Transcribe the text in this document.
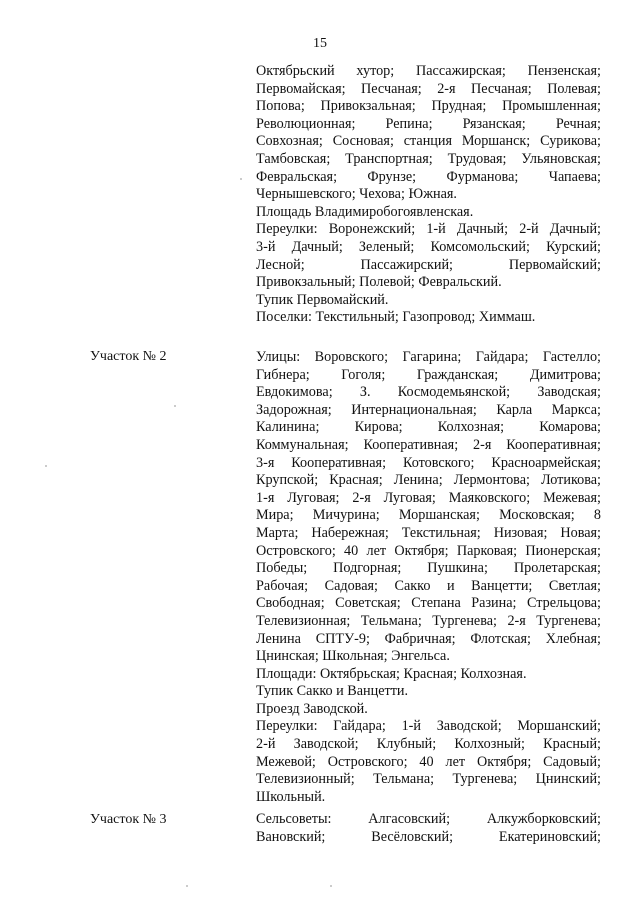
15
Участок № 2
Участок № 3
Октябрьский хутор; Пассажирская; Пензенская;
Первомайская; Песчаная; 2-я Песчаная; Полевая;
Попова; Привокзальная; Прудная; Промышленная;
Революционная; Репина; Рязанская; Речная;
Совхозная; Сосновая; станция Моршанск; Сурикова;
Тамбовская; Транспортная; Трудовая; Ульяновская;
Февральская; Фрунзе; Фурманова; Чапаева;
Чернышевского; Чехова; Южная.
Площадь Владимиробогоявленская.
Переулки: Воронежский; 1-й Дачный; 2-й Дачный;
3-й Дачный; Зеленый; Комсомольский; Курский;
Лесной; Пассажирский; Первомайский;
Привокзальный; Полевой; Февральский.
Тупик Первомайский.
Поселки: Текстильный; Газопровод; Химмаш.
Улицы: Воровского; Гагарина; Гайдара; Гастелло;
Гибнера; Гоголя; Гражданская; Димитрова;
Евдокимова; З. Космодемьянской; Заводская;
Задорожная; Интернациональная; Карла Маркса;
Калинина; Кирова; Колхозная; Комарова;
Коммунальная; Кооперативная; 2-я Кооперативная;
3-я Кооперативная; Котовского; Красноармейская;
Крупской; Красная; Ленина; Лермонтова; Лотикова;
1-я Луговая; 2-я Луговая; Маяковского; Межевая;
Мира; Мичурина; Моршанская; Московская; 8
Марта; Набережная; Текстильная; Низовая; Новая;
Островского; 40 лет Октября; Парковая; Пионерская;
Победы; Подгорная; Пушкина; Пролетарская;
Рабочая; Садовая; Сакко и Ванцетти; Светлая;
Свободная; Советская; Степана Разина; Стрельцова;
Телевизионная; Тельмана; Тургенева; 2-я Тургенева;
Ленина СПТУ-9; Фабричная; Флотская; Хлебная;
Цнинская; Школьная; Энгельса.
Площади: Октябрьская; Красная; Колхозная.
Тупик Сакко и Ванцетти.
Проезд Заводской.
Переулки: Гайдара; 1-й Заводской; Моршанский;
2-й Заводской; Клубный; Колхозный; Красный;
Межевой; Островского; 40 лет Октября; Садовый;
Телевизионный; Тельмана; Тургенева; Цнинский;
Школьный.
Сельсоветы: Алгасовский; Алкужборковский;
Вановский; Весёловский; Екатериновский;
